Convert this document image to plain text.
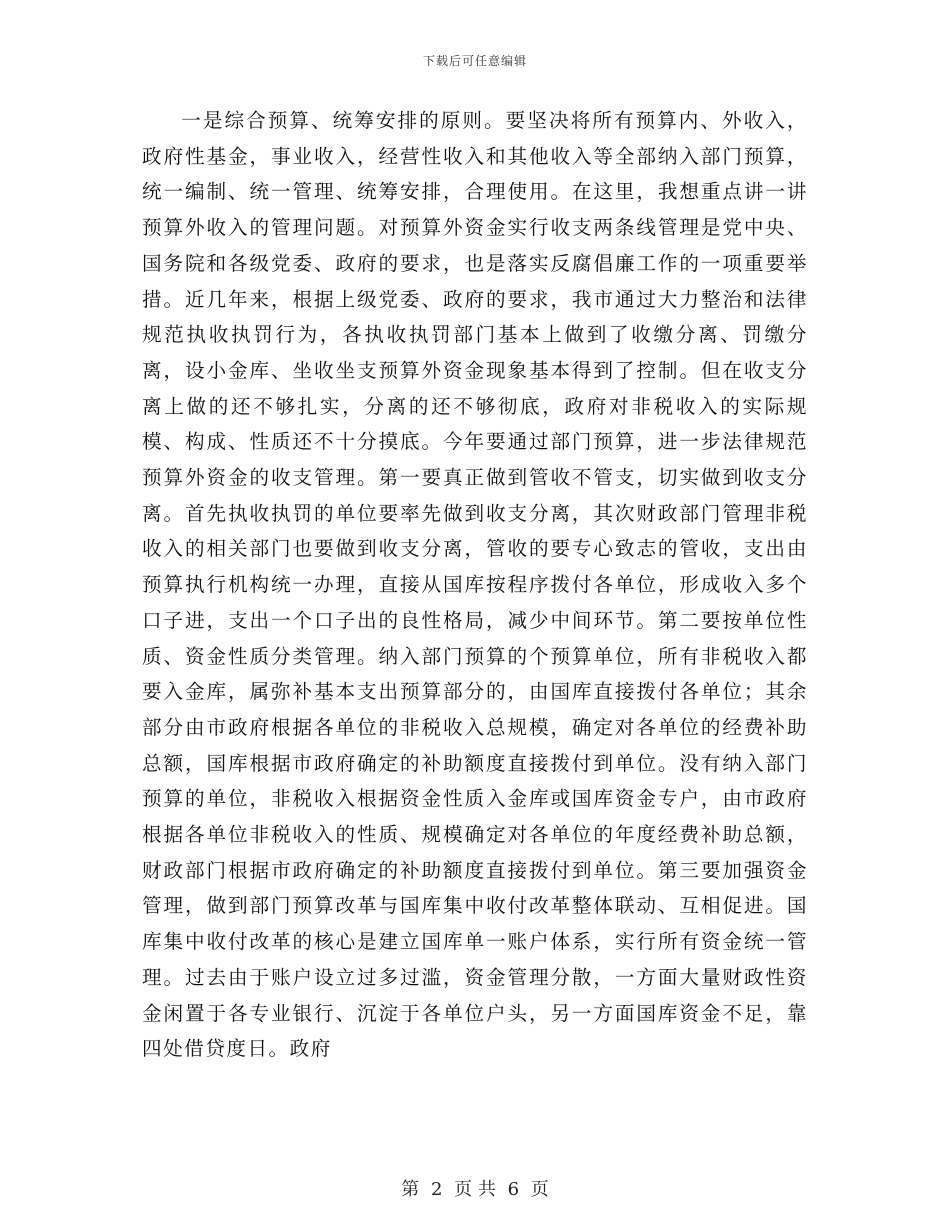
下载后可任意编辑

一是综合预算、统筹安排的原则。要坚决将所有预算内、外收入，政府性基金，事业收入，经营性收入和其他收入等全部纳入部门预算，统一编制、统一管理、统筹安排，合理使用。在这里，我想重点讲一讲预算外收入的管理问题。对预算外资金实行收支两条线管理是党中央、国务院和各级党委、政府的要求，也是落实反腐倡廉工作的一项重要举措。近几年来，根据上级党委、政府的要求，我市通过大力整治和法律规范执收执罚行为，各执收执罚部门基本上做到了收缴分离、罚缴分离，设小金库、坐收坐支预算外资金现象基本得到了控制。但在收支分离上做的还不够扎实，分离的还不够彻底，政府对非税收入的实际规模、构成、性质还不十分摸底。今年要通过部门预算，进一步法律规范预算外资金的收支管理。第一要真正做到管收不管支，切实做到收支分离。首先执收执罚的单位要率先做到收支分离，其次财政部门管理非税收入的相关部门也要做到收支分离，管收的要专心致志的管收，支出由预算执行机构统一办理，直接从国库按程序拨付各单位，形成收入多个口子进，支出一个口子出的良性格局，减少中间环节。第二要按单位性质、资金性质分类管理。纳入部门预算的个预算单位，所有非税收入都要入金库，属弥补基本支出预算部分的，由国库直接拨付各单位；其余部分由市政府根据各单位的非税收入总规模，确定对各单位的经费补助总额，国库根据市政府确定的补助额度直接拨付到单位。没有纳入部门预算的单位，非税收入根据资金性质入金库或国库资金专户，由市政府根据各单位非税收入的性质、规模确定对各单位的年度经费补助总额，财政部门根据市政府确定的补助额度直接拨付到单位。第三要加强资金管理，做到部门预算改革与国库集中收付改革整体联动、互相促进。国库集中收付改革的核心是建立国库单一账户体系，实行所有资金统一管理。过去由于账户设立过多过滥，资金管理分散，一方面大量财政性资金闲置于各专业银行、沉淀于各单位户头，另一方面国库资金不足，靠四处借贷度日。政府

第 2 页 共 6 页
